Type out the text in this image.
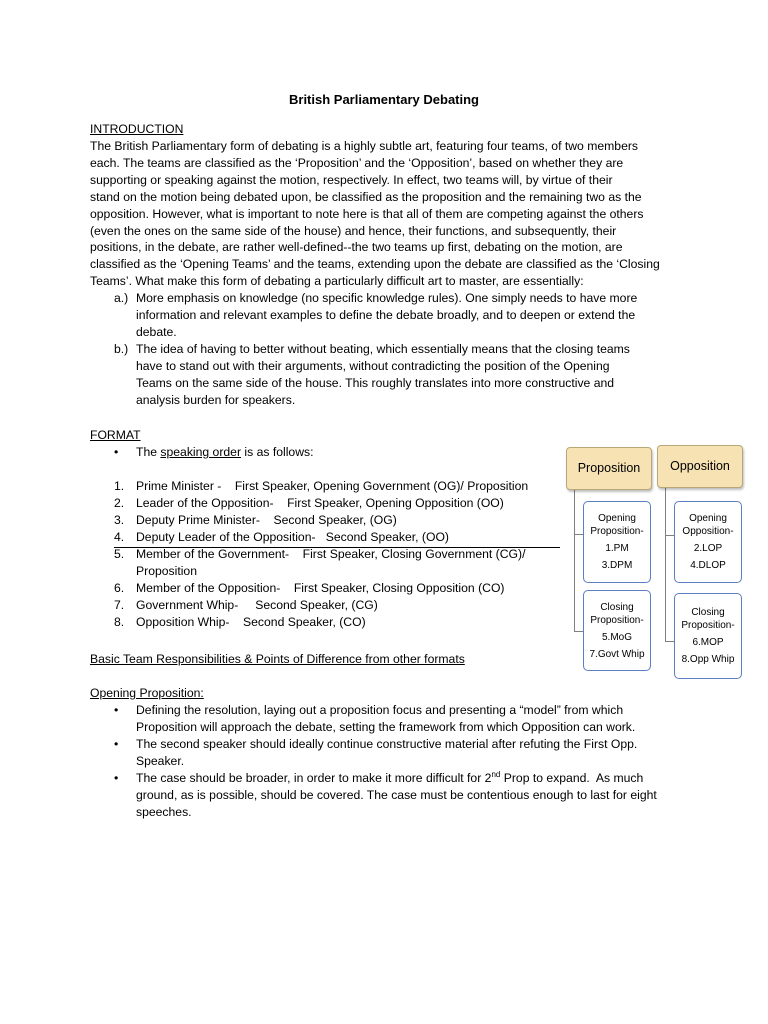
British Parliamentary Debating
INTRODUCTION
The British Parliamentary form of debating is a highly subtle art, featuring four teams, of two members
each. The teams are classified as the ‘Proposition’ and the ‘Opposition’, based on whether they are
supporting or speaking against the motion, respectively. In effect, two teams will, by virtue of their
stand on the motion being debated upon, be classified as the proposition and the remaining two as the
opposition. However, what is important to note here is that all of them are competing against the others
(even the ones on the same side of the house) and hence, their functions, and subsequently, their
positions, in the debate, are rather well-defined--the two teams up first, debating on the motion, are
classified as the ‘Opening Teams’ and the teams, extending upon the debate are classified as the ‘Closing
Teams’. What make this form of debating a particularly difficult art to master, are essentially:
a.) More emphasis on knowledge (no specific knowledge rules). One simply needs to have more
information and relevant examples to define the debate broadly, and to deepen or extend the
debate.
b.) The idea of having to better without beating, which essentially means that the closing teams
have to stand out with their arguments, without contradicting the position of the Opening
Teams on the same side of the house. This roughly translates into more constructive and
analysis burden for speakers.
FORMAT
• The speaking order is as follows:
1. Prime Minister -    First Speaker, Opening Government (OG)/ Proposition
2. Leader of the Opposition-    First Speaker, Opening Opposition (OO)
3. Deputy Prime Minister-    Second Speaker, (OG)
4. Deputy Leader of the Opposition-   Second Speaker, (OO)
5. Member of the Government-    First Speaker, Closing Government (CG)/
Proposition
6. Member of the Opposition-    First Speaker, Closing Opposition (CO)
7. Government Whip-     Second Speaker, (CG)
8. Opposition Whip-    Second Speaker, (CO)
Basic Team Responsibilities & Points of Difference from other formats
Opening Proposition:
• Defining the resolution, laying out a proposition focus and presenting a “model” from which
Proposition will approach the debate, setting the framework from which Opposition can work.
• The second speaker should ideally continue constructive material after refuting the First Opp.
Speaker.
• The case should be broader, in order to make it more difficult for 2nd Prop to expand.  As much
ground, as is possible, should be covered. The case must be contentious enough to last for eight
speeches.
Proposition Opposition
Opening
Proposition-
1.PM
3.DPM
Closing
Proposition-
5.MoG
7.Govt Whip
Opening
Opposition-
2.LOP
4.DLOP
Closing
Proposition-
6.MOP
8.Opp Whip
